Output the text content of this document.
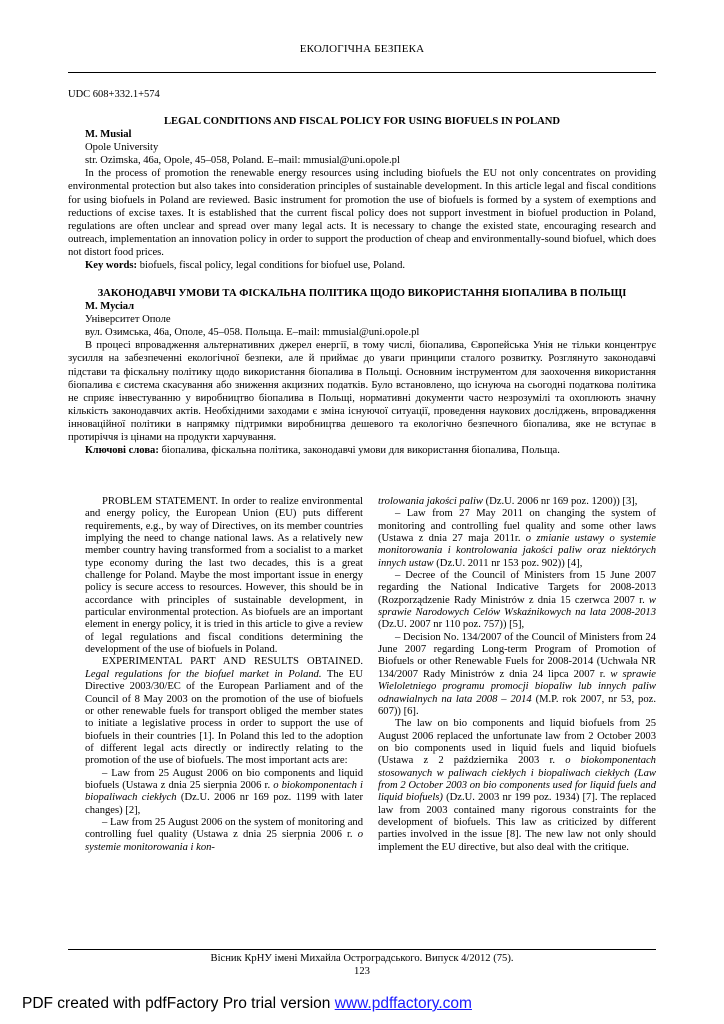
ЕКОЛОГІЧНА БЕЗПЕКА
UDC 608+332.1+574

LEGAL CONDITIONS AND FISCAL POLICY FOR USING BIOFUELS IN POLAND

M. Musial

Opole University

str. Ozimska, 46a, Opole, 45–058, Poland. E–mail: mmusial@uni.opole.pl

In the process of promotion the renewable energy resources using including biofuels the EU not only concentrates on providing environmental protection but also takes into consideration principles of sustainable development. In this article legal and fiscal conditions for using biofuels in Poland are reviewed. Basic instrument for promotion the use of biofuels is formed by a system of exemptions and reductions of excise taxes. It is established that the current fiscal policy does not support investment in biofuel production in Poland, regulations are often unclear and spread over many legal acts. It is necessary to change the existed state, encouraging research and outreach, implementation an innovation policy in order to support the production of cheap and environmentally-sound biofuel, which does not distort food prices.

Key words: biofuels, fiscal policy, legal conditions for biofuel use, Poland.

ЗАКОНОДАВЧІ УМОВИ ТА ФІСКАЛЬНА ПОЛІТИКА ЩОДО ВИКОРИСТАННЯ БІОПАЛИВА В ПОЛЬЩІ

М. Мусіал

Університет Ополе

вул. Озимська, 46а, Ополе, 45–058. Польща. E–mail: mmusial@uni.opole.pl

В процесі впровадження альтернативних джерел енергії, в тому числі, біопалива, Європейська Унія не тільки концентрує зусилля на забезпеченні екологічної безпеки, але й приймає до уваги принципи сталого розвитку. Розглянуто законодавчі підстави та фіскальну політику щодо використання біопалива в Польщі. Основним інструментом для заохочення використання біопалива є система скасування або зниження акцизних податків. Було встановлено, що існуюча на сьогодні податкова політика не сприяє інвестуванню у виробництво біопалива в Польщі, нормативні документи часто незрозумілі та охоплюють значну кількість законодавчих актів. Необхідними заходами є зміна існуючої ситуації, проведення наукових досліджень, впровадження інноваційної політики в напрямку підтримки виробництва дешевого та екологічно безпечного біопалива, яке не вступає в протиріччя із цінами на продукти харчування.

Ключові слова: біопалива, фіскальна політика, законодавчі умови для використання біопалива, Польща.

PROBLEM STATEMENT. In order to realize environmental and energy policy, the European Union (EU) puts different requirements, e.g., by way of Directives, on its member countries implying the need to change national laws. As a relatively new member country having transformed from a socialist to a market type economy during the last two decades, this is a great challenge for Poland. Maybe the most important issue in energy policy is secure access to resources. However, this should be in accordance with principles of sustainable development, in particular environmental protection. As biofuels are an important element in energy policy, it is tried in this article to give a review of legal regulations and fiscal conditions determining the development of the use of biofuels in Poland.

EXPERIMENTAL PART AND RESULTS OBTAINED. Legal regulations for the biofuel market in Poland. The EU Directive 2003/30/EC of the European Parliament and of the Council of 8 May 2003 on the promotion of the use of biofuels or other renewable fuels for transport obliged the member states to initiate a legislative process in order to support the use of biofuels in their countries [1]. In Poland this led to the adoption of different legal acts directly or indirectly relating to the promotion of the use of biofuels. The most important acts are:

– Law from 25 August 2006 on bio components and liquid biofuels (Ustawa z dnia 25 sierpnia 2006 r. o biokomponentach i biopaliwach ciekłych (Dz.U. 2006 nr 169 poz. 1199 with later changes) [2],

– Law from 25 August 2006 on the system of monitoring and controlling fuel quality (Ustawa z dnia 25 sierpnia 2006 r. o systemie monitorowania i kon-

trolowania jakości paliw (Dz.U. 2006 nr 169 poz. 1200)) [3],

– Law from 27 May 2011 on changing the system of monitoring and controlling fuel quality and some other laws (Ustawa z dnia 27 maja 2011r. o zmianie ustawy o systemie monitorowania i kontrolowania jakości paliw oraz niektórych innych ustaw (Dz.U. 2011 nr 153 poz. 902)) [4],

– Decree of the Council of Ministers from 15 June 2007 regarding the National Indicative Targets for 2008-2013 (Rozporządzenie Rady Ministrów z dnia 15 czerwca 2007 r. w sprawie Narodowych Celów Wskaźnikowych na lata 2008-2013 (Dz.U. 2007 nr 110 poz. 757)) [5],

– Decision No. 134/2007 of the Council of Ministers from 24 June 2007 regarding Long-term Program of Promotion of Biofuels or other Renewable Fuels for 2008-2014 (Uchwała NR 134/2007 Rady Ministrów z dnia 24 lipca 2007 r. w sprawie Wieloletniego programu promocji biopaliw lub innych paliw odnawialnych na lata 2008 – 2014 (M.P. rok 2007, nr 53, poz. 607)) [6].

The law on bio components and liquid biofuels from 25 August 2006 replaced the unfortunate law from 2 October 2003 on bio components used in liquid fuels and liquid biofuels (Ustawa z 2 października 2003 r. o biokomponentach stosowanych w paliwach ciekłych i biopaliwach ciekłych (Law from 2 October 2003 on bio components used for liquid fuels and liquid biofuels) (Dz.U. 2003 nr 199 poz. 1934) [7]. The replaced law from 2003 contained many rigorous constraints for the development of biofuels. This law as criticized by different parties involved in the issue [8]. The new law not only should implement the EU directive, but also deal with the critique.

Вісник КрНУ імені Михайла Остроградського. Випуск 4/2012 (75).
123
PDF created with pdfFactory Pro trial version www.pdffactory.com
